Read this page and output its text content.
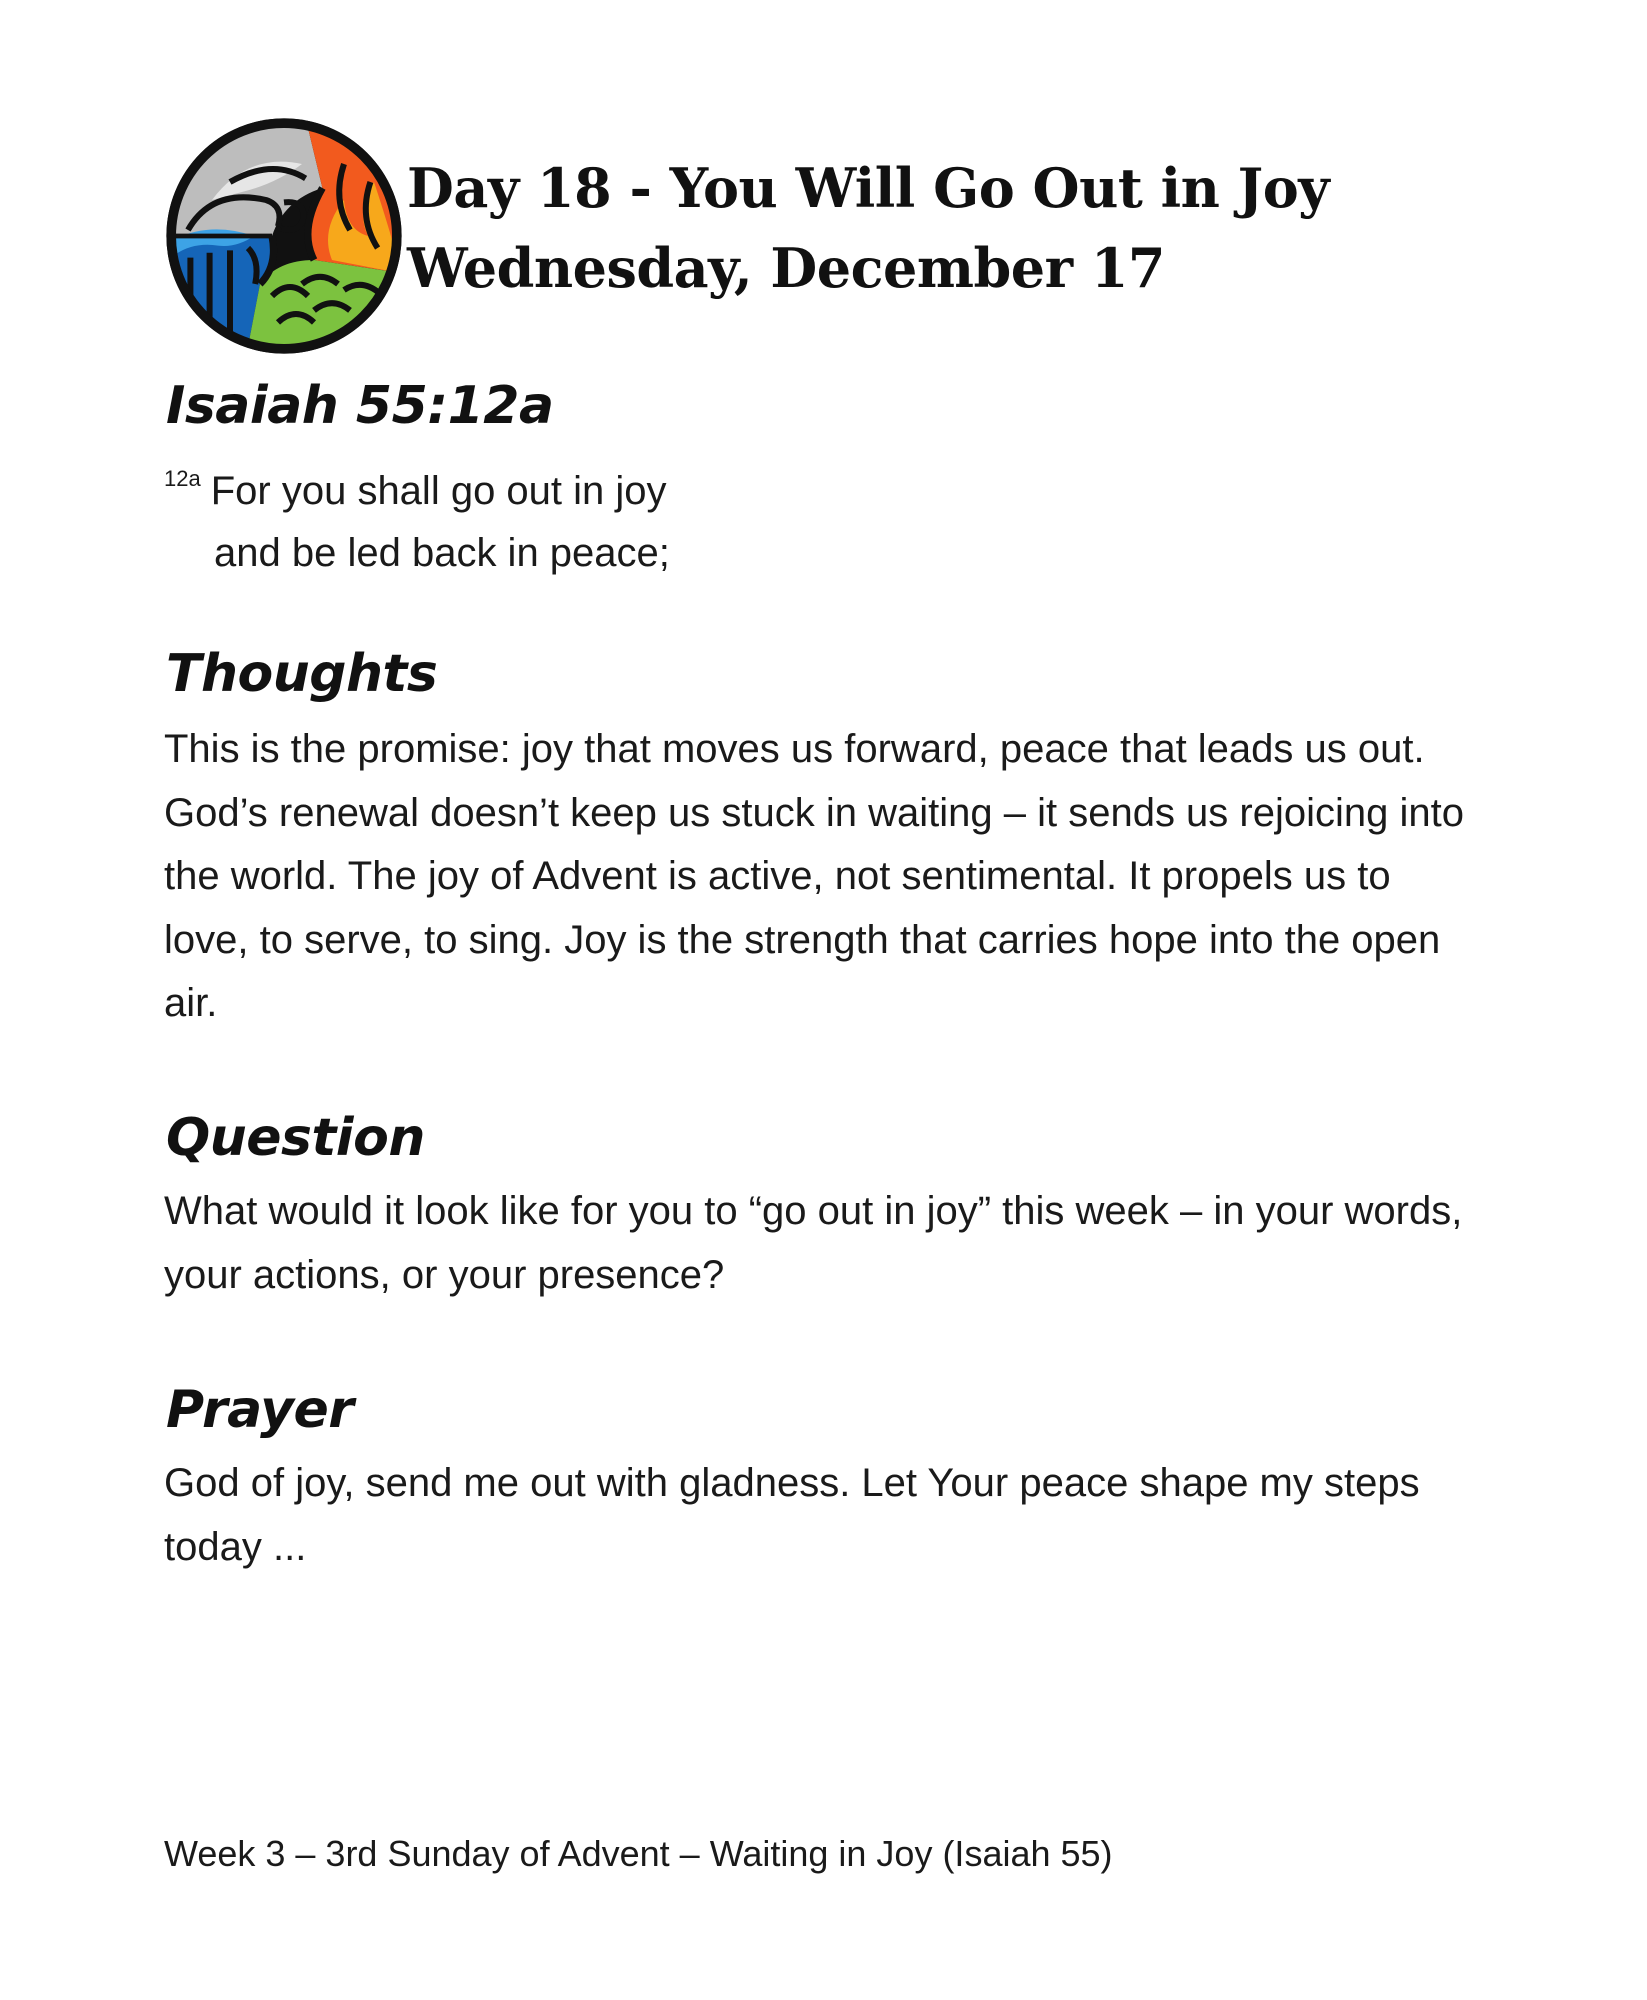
Day 18 - You Will Go Out in Joy
Wednesday, December 17
Isaiah 55:12a
$^{12a}$ For you shall go out in joy
and be led back in peace;
Thoughts
This is the promise: joy that moves us forward, peace that leads us out. God’s renewal doesn’t keep us stuck in waiting – it sends us rejoicing into the world. The joy of Advent is active, not sentimental. It propels us to love, to serve, to sing. Joy is the strength that carries hope into the open air.
Question
What would it look like for you to “go out in joy” this week – in your words, your actions, or your presence?
Prayer
God of joy, send me out with gladness. Let Your peace shape my steps today ...
Week 3 – 3rd Sunday of Advent – Waiting in Joy (Isaiah 55)
